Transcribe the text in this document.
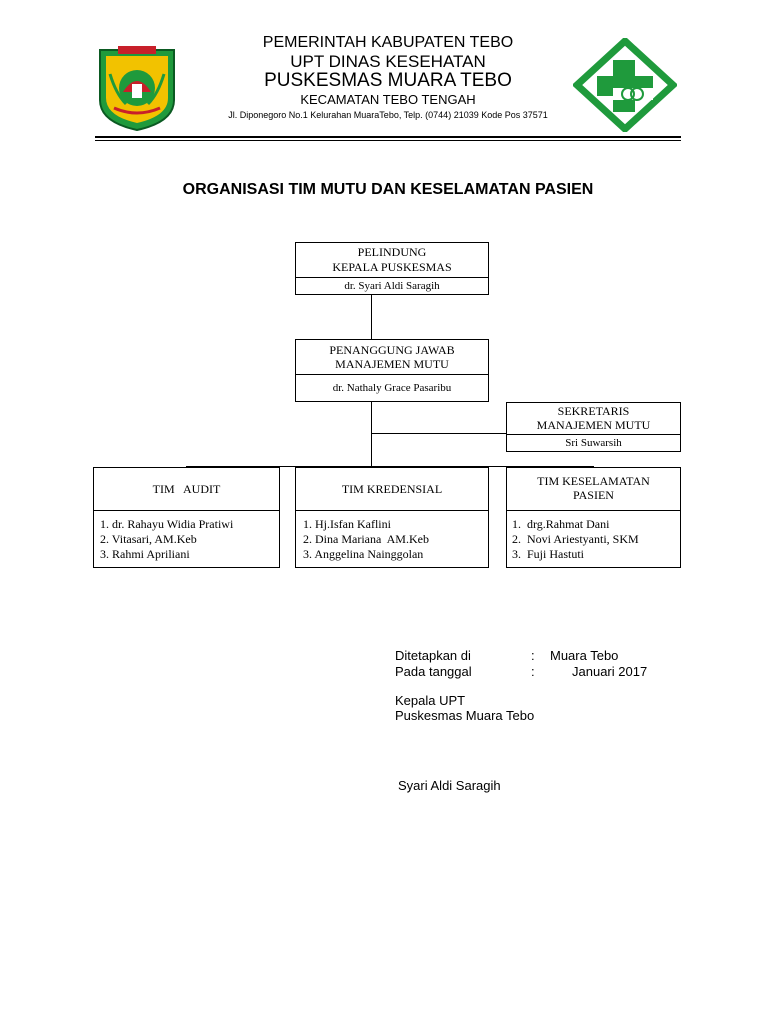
PEMERINTAH KABUPATEN TEBO
UPT DINAS KESEHATAN
PUSKESMAS MUARA TEBO
KECAMATAN TEBO TENGAH
Jl. Diponegoro No.1 Kelurahan MuaraTebo, Telp. (0744) 21039 Kode Pos 37571
ORGANISASI TIM MUTU DAN KESELAMATAN PASIEN
PELINDUNG
KEPALA PUSKESMAS
dr. Syari Aldi Saragih
PENANGGUNG JAWAB
MANAJEMEN MUTU
dr. Nathaly Grace Pasaribu
SEKRETARIS
MANAJEMEN MUTU
Sri Suwarsih
TIM   AUDIT
1. dr. Rahayu Widia Pratiwi
2. Vitasari, AM.Keb
3. Rahmi Apriliani
TIM KREDENSIAL
1. Hj.Isfan Kaflini
2. Dina Mariana  AM.Keb
3. Anggelina Nainggolan
TIM KESELAMATAN
PASIEN
1.  drg.Rahmat Dani
2.  Novi Ariestyanti, SKM
3.  Fuji Hastuti
Ditetapkan di	: Muara Tebo
Pada tanggal	:	Januari 2017
Kepala UPT
Puskesmas Muara Tebo
Syari Aldi Saragih
